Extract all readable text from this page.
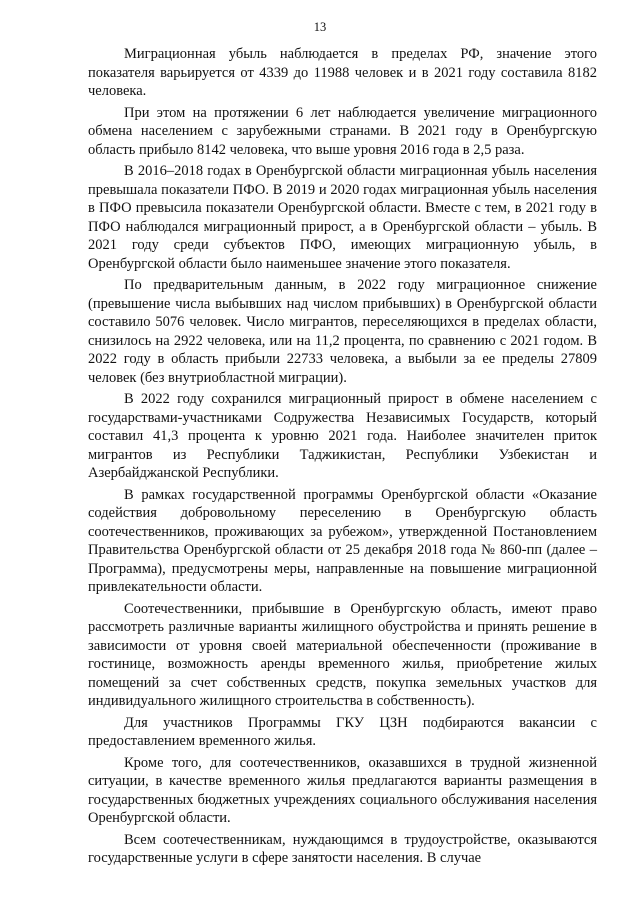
13

Миграционная убыль наблюдается в пределах РФ, значение этого показателя варьируется от 4339 до 11988 человек и в 2021 году составила 8182 человека.

При этом на протяжении 6 лет наблюдается увеличение миграционного обмена населением с зарубежными странами. В 2021 году в Оренбургскую область прибыло 8142 человека, что выше уровня 2016 года в 2,5 раза.

В 2016–2018 годах в Оренбургской области миграционная убыль населения превышала показатели ПФО. В 2019 и 2020 годах миграционная убыль населения в ПФО превысила показатели Оренбургской области. Вместе с тем, в 2021 году в ПФО наблюдался миграционный прирост, а в Оренбургской области – убыль. В 2021 году среди субъектов ПФО, имеющих миграционную убыль, в Оренбургской области было наименьшее значение этого показателя.

По предварительным данным, в 2022 году миграционное снижение (превышение числа выбывших над числом прибывших) в Оренбургской области составило 5076 человек. Число мигрантов, переселяющихся в пределах области, снизилось на 2922 человека, или на 11,2 процента, по сравнению с 2021 годом. В 2022 году в область прибыли 22733 человека, а выбыли за ее пределы 27809 человек (без внутриобластной миграции).

В 2022 году сохранился миграционный прирост в обмене населением с государствами-участниками Содружества Независимых Государств, который составил 41,3 процента к уровню 2021 года. Наиболее значителен приток мигрантов из Республики Таджикистан, Республики Узбекистан и Азербайджанской Республики.

В рамках государственной программы Оренбургской области «Оказание содействия добровольному переселению в Оренбургскую область соотечественников, проживающих за рубежом», утвержденной Постановлением Правительства Оренбургской области от 25 декабря 2018 года № 860-пп (далее – Программа), предусмотрены меры, направленные на повышение миграционной привлекательности области.

Соотечественники, прибывшие в Оренбургскую область, имеют право рассмотреть различные варианты жилищного обустройства и принять решение в зависимости от уровня своей материальной обеспеченности (проживание в гостинице, возможность аренды временного жилья, приобретение жилых помещений за счет собственных средств, покупка земельных участков для индивидуального жилищного строительства в собственность).

Для участников Программы ГКУ ЦЗН подбираются вакансии с предоставлением временного жилья.

Кроме того, для соотечественников, оказавшихся в трудной жизненной ситуации, в качестве временного жилья предлагаются варианты размещения в государственных бюджетных учреждениях социального обслуживания населения Оренбургской области.

Всем соотечественникам, нуждающимся в трудоустройстве, оказываются государственные услуги в сфере занятости населения. В случае
